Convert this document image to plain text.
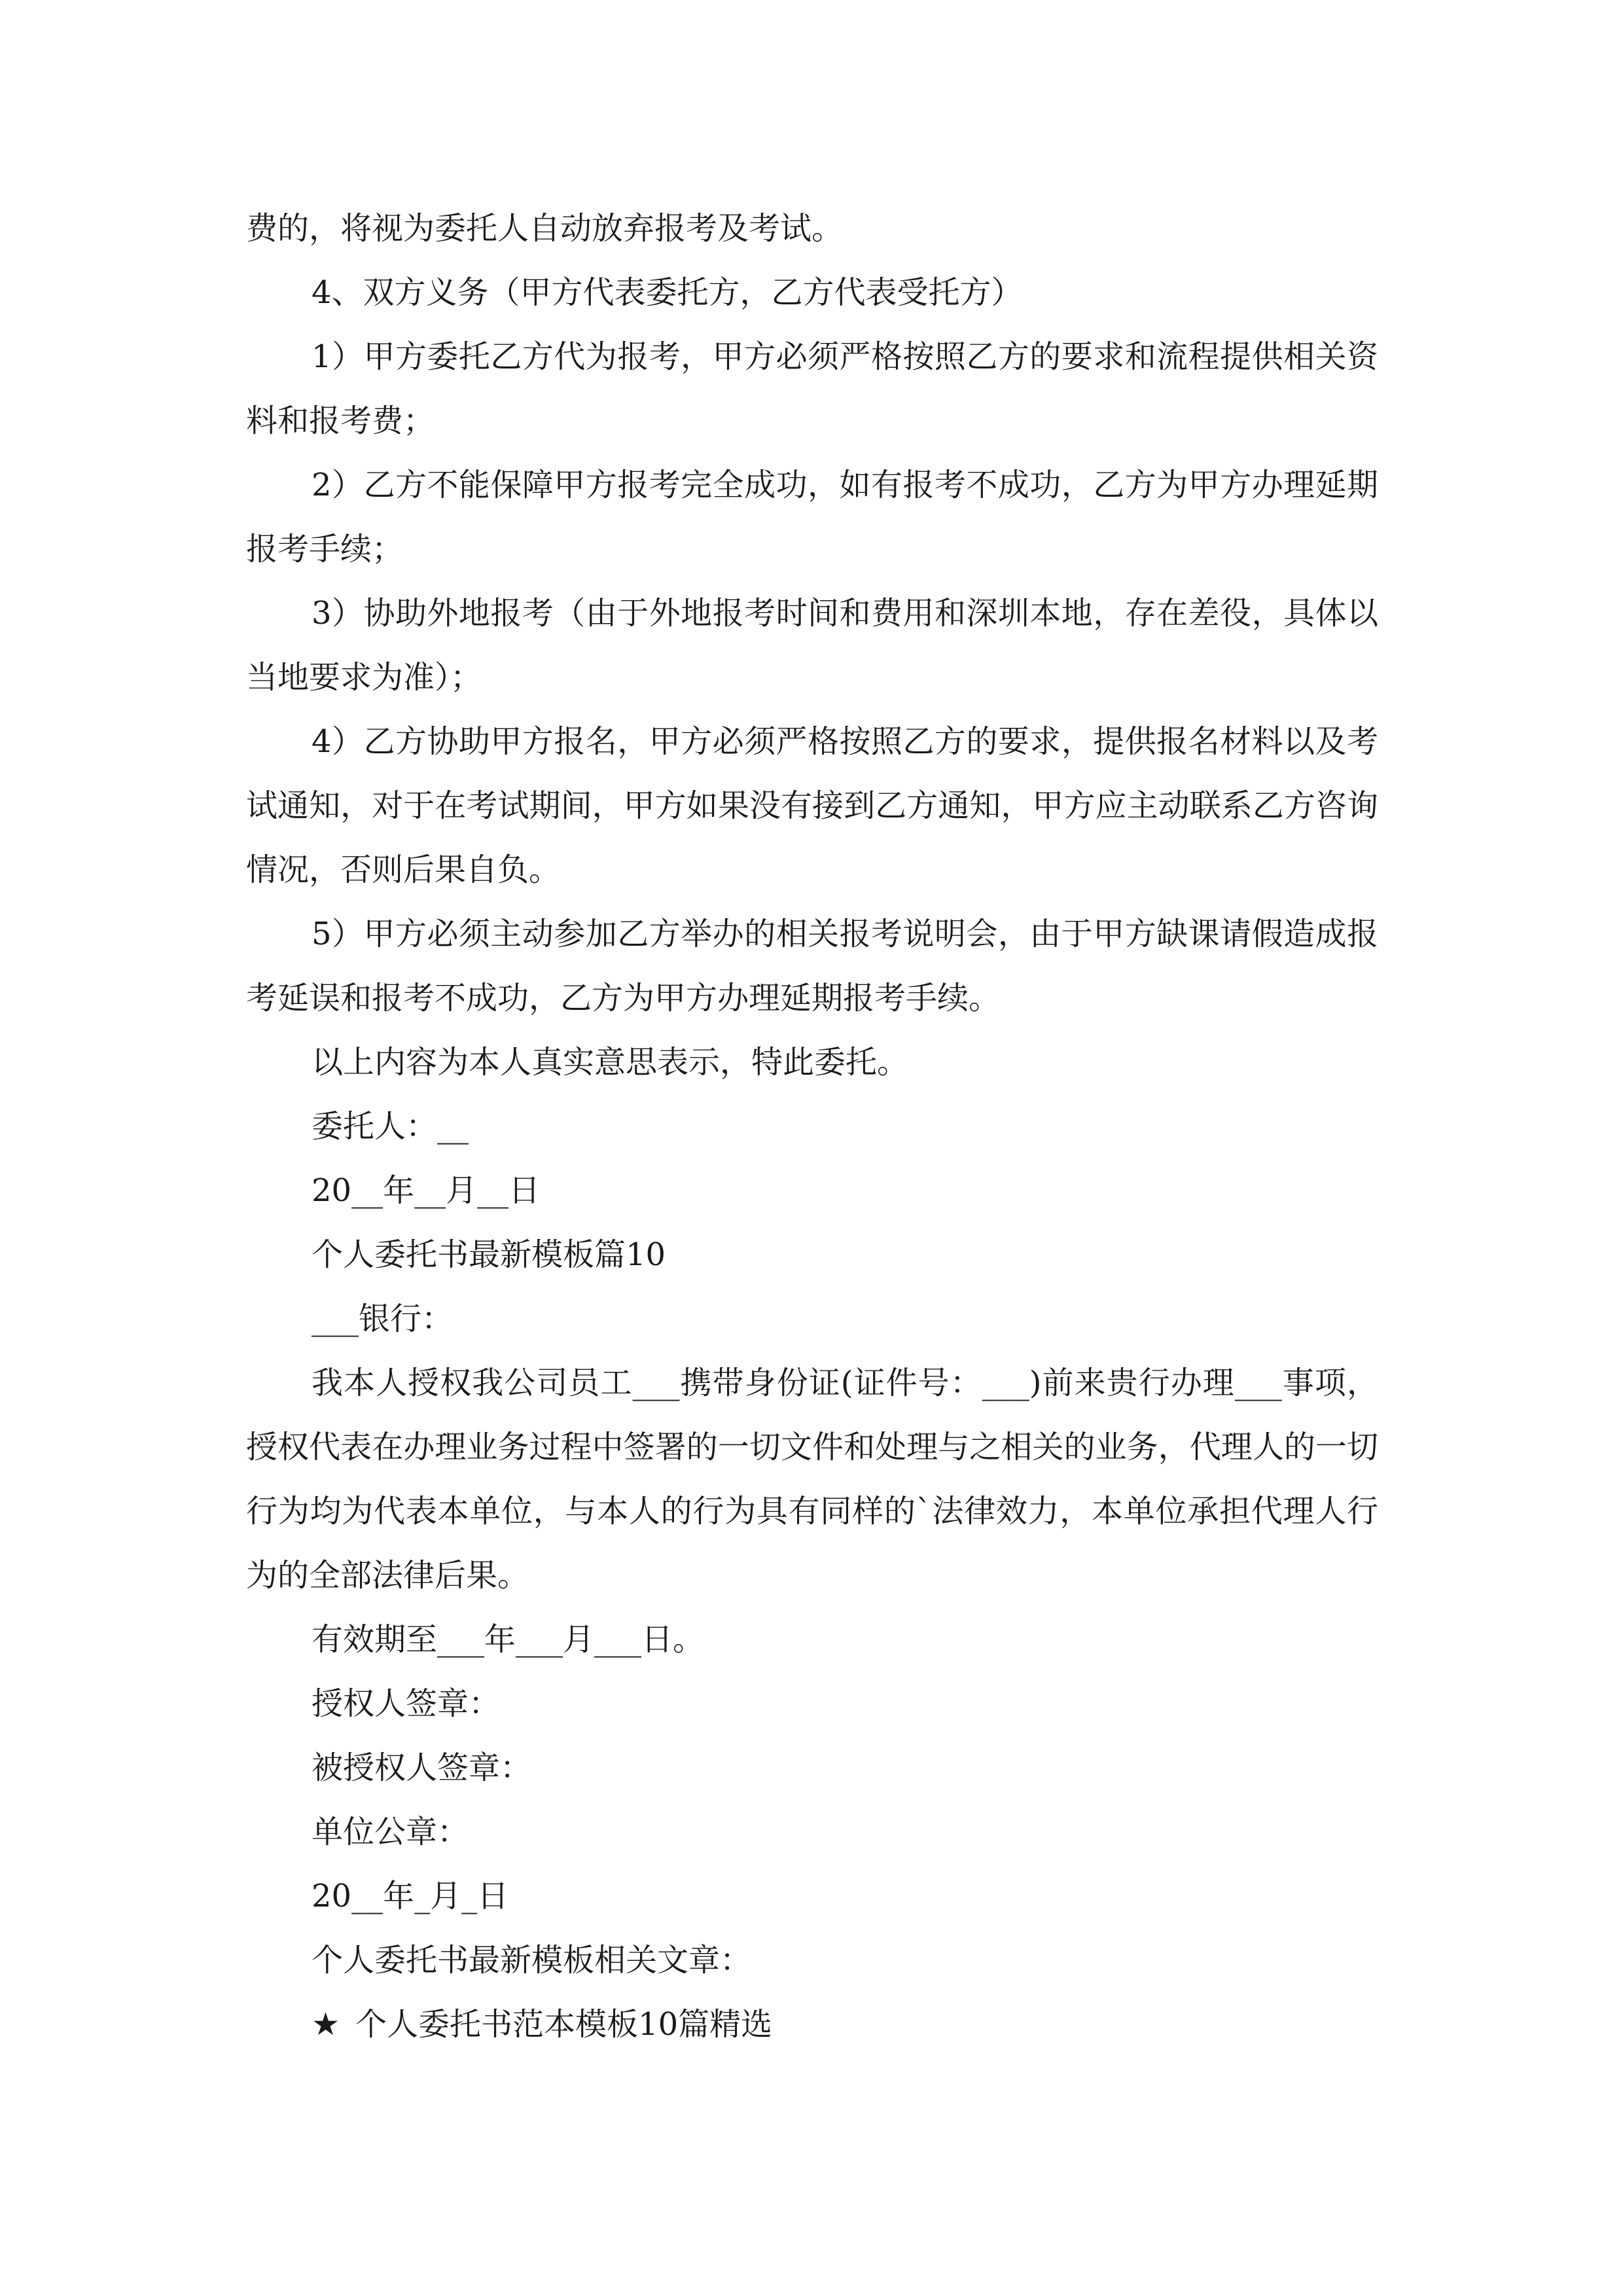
费的，将视为委托人自动放弃报考及考试。

4、双方义务（甲方代表委托方，乙方代表受托方）

1）甲方委托乙方代为报考，甲方必须严格按照乙方的要求和流程提供相关资料和报考费；

2）乙方不能保障甲方报考完全成功，如有报考不成功，乙方为甲方办理延期报考手续；

3）协助外地报考（由于外地报考时间和费用和深圳本地，存在差役，具体以当地要求为准）；

4）乙方协助甲方报名，甲方必须严格按照乙方的要求，提供报名材料以及考试通知，对于在考试期间，甲方如果没有接到乙方通知，甲方应主动联系乙方咨询情况，否则后果自负。

5）甲方必须主动参加乙方举办的相关报考说明会，由于甲方缺课请假造成报考延误和报考不成功，乙方为甲方办理延期报考手续。

以上内容为本人真实意思表示，特此委托。

委托人：__

20__年__月__日

个人委托书最新模板篇10

___银行：

我本人授权我公司员工___携带身份证(证件号：___)前来贵行办理___事项，授权代表在办理业务过程中签署的一切文件和处理与之相关的业务，代理人的一切行为均为代表本单位，与本人的行为具有同样的`法律效力，本单位承担代理人行为的全部法律后果。

有效期至___年___月___日。

授权人签章：

被授权人签章：

单位公章：

20__年_月_日

个人委托书最新模板相关文章：

★ 个人委托书范本模板10篇精选
